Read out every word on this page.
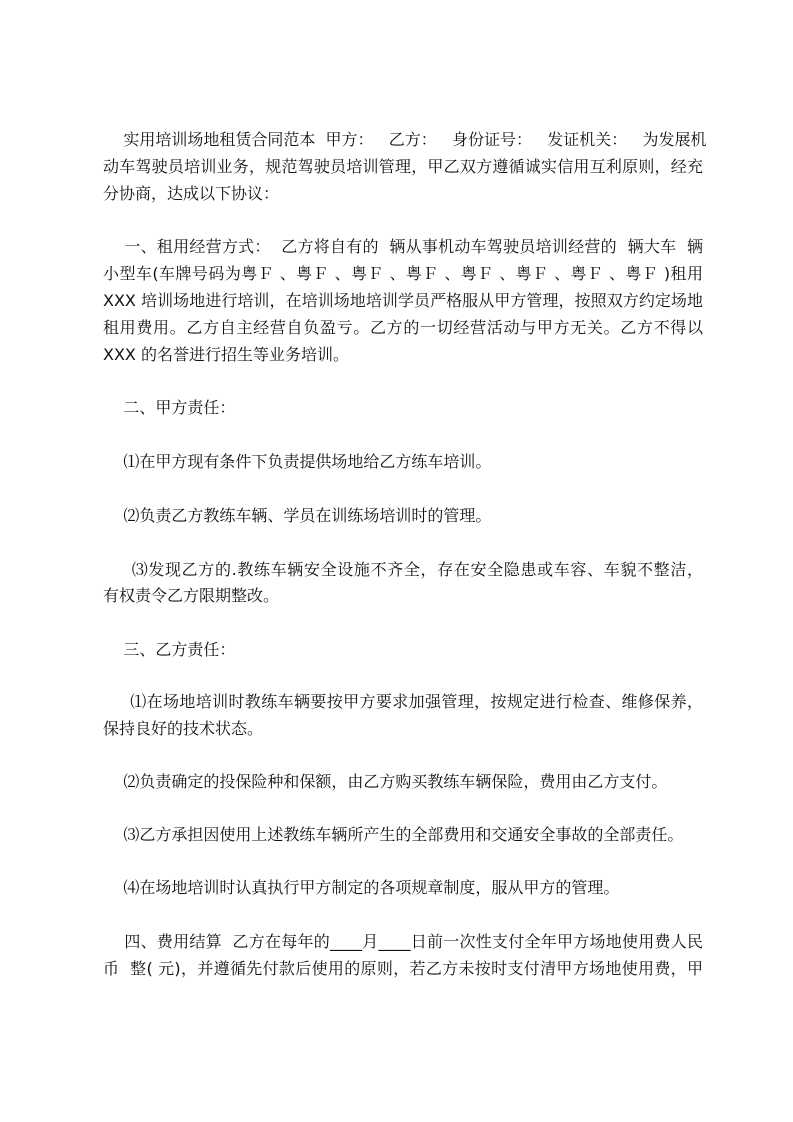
实用培训场地租赁合同范本  甲方：   乙方：   身份证号：   发证机关：   为发展机
动车驾驶员培训业务，规范驾驶员培训管理，甲乙双方遵循诚实信用互利原则，经充
分协商，达成以下协议：
一、租用经营方式：  乙方将自有的  辆从事机动车驾驶员培训经营的  辆大车  辆
小型车(车牌号码为粤Ｆ 、粤Ｆ 、粤Ｆ 、粤Ｆ 、粤Ｆ 、粤Ｆ 、粤Ｆ 、粤Ｆ )租用
XXX 培训场地进行培训，在培训场地培训学员严格服从甲方管理，按照双方约定场地
租用费用。乙方自主经营自负盈亏。乙方的一切经营活动与甲方无关。乙方不得以
XXX 的名誉进行招生等业务培训。
二、甲方责任：
⑴在甲方现有条件下负责提供场地给乙方练车培训。
⑵负责乙方教练车辆、学员在训练场培训时的管理。
⑶发现乙方的.教练车辆安全设施不齐全，存在安全隐患或车容、车貌不整洁，
有权责令乙方限期整改。
三、乙方责任：
⑴在场地培训时教练车辆要按甲方要求加强管理，按规定进行检查、维修保养，
保持良好的技术状态。
⑵负责确定的投保险种和保额，由乙方购买教练车辆保险，费用由乙方支付。
⑶乙方承担因使用上述教练车辆所产生的全部费用和交通安全事故的全部责任。
⑷在场地培训时认真执行甲方制定的各项规章制度，服从甲方的管理。
四、费用结算  乙方在每年的____月____日前一次性支付全年甲方场地使用费人民
币  整( 元)，并遵循先付款后使用的原则，若乙方未按时支付清甲方场地使用费，甲
